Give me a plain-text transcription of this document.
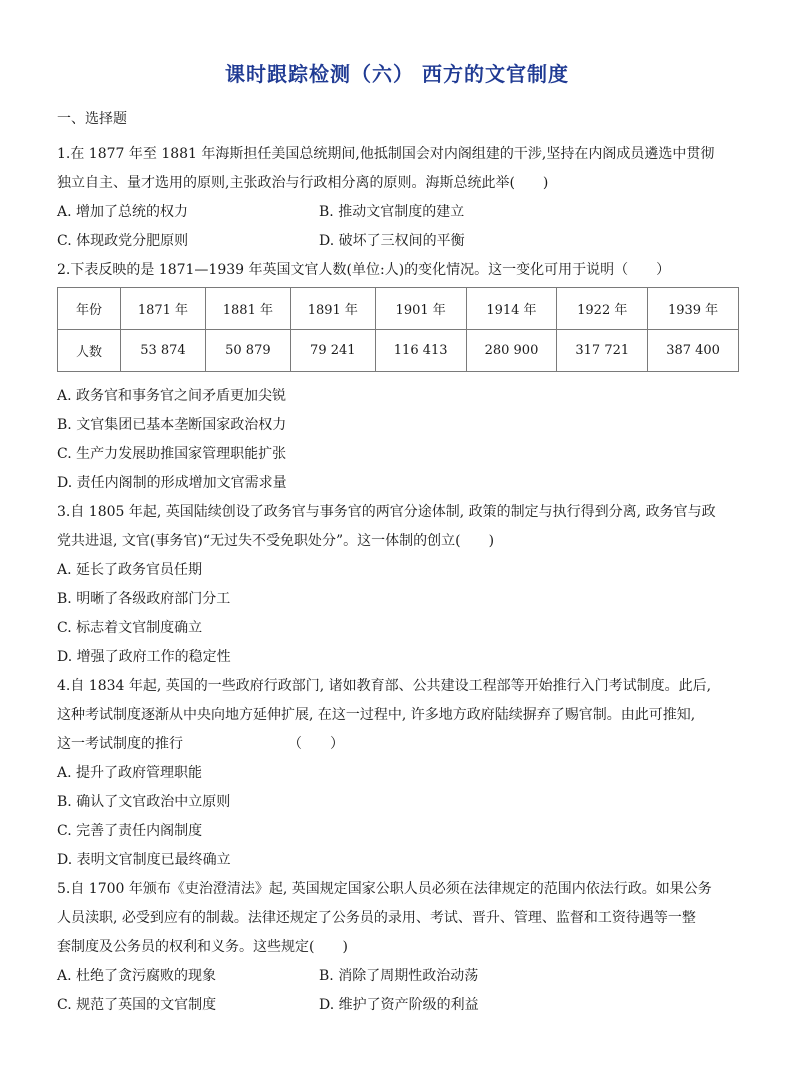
课时跟踪检测（六） 西方的文官制度
一、选择题

1.在 1877 年至 1881 年海斯担任美国总统期间,他抵制国会对内阁组建的干涉,坚持在内阁成员遴选中贯彻

独立自主、量才选用的原则,主张政治与行政相分离的原则。海斯总统此举(　　)

A. 增加了总统的权力	B. 推动文官制度的建立
C. 体现政党分肥原则	D. 破坏了三权间的平衡

2.下表反映的是 1871—1939 年英国文官人数(单位:人)的变化情况。这一变化可用于说明（　　）

年份	1871 年	1881 年	1891 年	1901 年	1914 年	1922 年	1939 年
人数	53 874	50 879	79 241	116 413	280 900	317 721	387 400
A. 政务官和事务官之间矛盾更加尖锐
B. 文官集团已基本垄断国家政治权力
C. 生产力发展助推国家管理职能扩张
D. 责任内阁制的形成增加文官需求量

3.自 1805 年起, 英国陆续创设了政务官与事务官的两官分途体制, 政策的制定与执行得到分离, 政务官与政

党共进退, 文官(事务官)“无过失不受免职处分”。这一体制的创立(　　)

A. 延长了政务官员任期
B. 明晰了各级政府部门分工
C. 标志着文官制度确立
D. 增强了政府工作的稳定性

4.自 1834 年起, 英国的一些政府行政部门, 诸如教育部、公共建设工程部等开始推行入门考试制度。此后,

这种考试制度逐渐从中央向地方延伸扩展, 在这一过程中, 许多地方政府陆续摒弃了赐官制。由此可推知,

这一考试制度的推行　　　　　　　　（　　）

A. 提升了政府管理职能
B. 确认了文官政治中立原则
C. 完善了责任内阁制度
D. 表明文官制度已最终确立

5.自 1700 年颁布《吏治澄清法》起, 英国规定国家公职人员必须在法律规定的范围内依法行政。如果公务

人员渎职, 必受到应有的制裁。法律还规定了公务员的录用、考试、晋升、管理、监督和工资待遇等一整

套制度及公务员的权利和义务。这些规定(　　)

A. 杜绝了贪污腐败的现象	B. 消除了周期性政治动荡
C. 规范了英国的文官制度	D. 维护了资产阶级的利益
